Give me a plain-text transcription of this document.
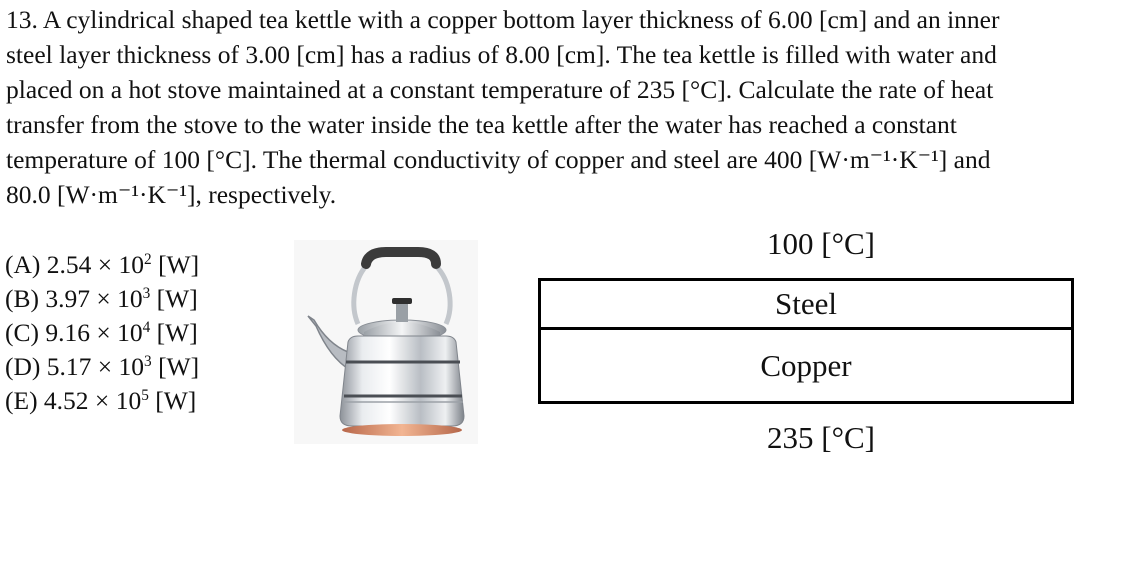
13. A cylindrical shaped tea kettle with a copper bottom layer thickness of 6.00 [cm] and an inner
steel layer thickness of 3.00 [cm] has a radius of 8.00 [cm]. The tea kettle is filled with water and
placed on a hot stove maintained at a constant temperature of 235 [°C]. Calculate the rate of heat
transfer from the stove to the water inside the tea kettle after the water has reached a constant
temperature of 100 [°C]. The thermal conductivity of copper and steel are 400 [W·m⁻¹·K⁻¹] and
80.0 [W·m⁻¹·K⁻¹], respectively.
(A) $2.54 \times 10^2$ [W]
(B) $3.97 \times 10^3$ [W]
(C) $9.16 \times 10^4$ [W]
(D) $5.17 \times 10^3$ [W]
(E) $4.52 \times 10^5$ [W]
100 [°C]
Steel
Copper
235 [°C]
